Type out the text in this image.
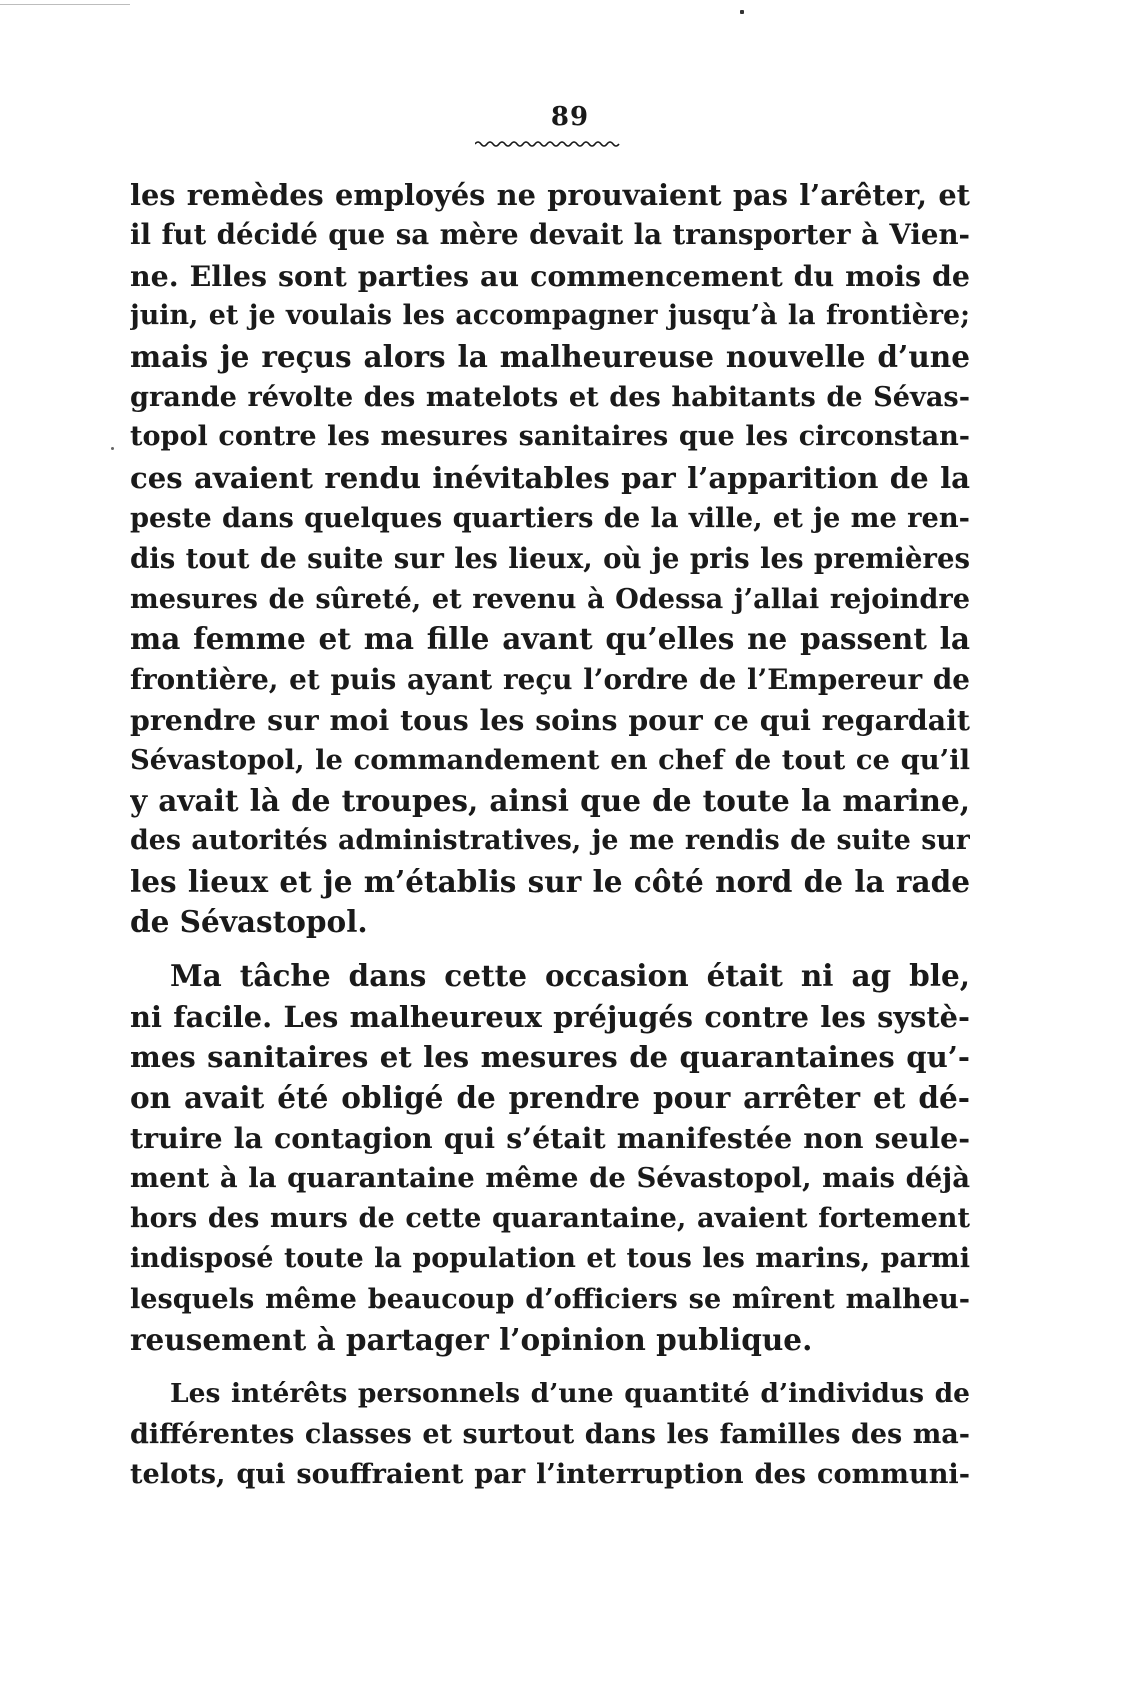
89
les remèdes employés ne prouvaient pas l’arêter, et
il fut décidé que sa mère devait la transporter à Vien-
ne. Elles sont parties au commencement du mois de
juin, et je voulais les accompagner jusqu’à la frontière;
mais je reçus alors la malheureuse nouvelle d’une
grande révolte des matelots et des habitants de Sévas-
topol contre les mesures sanitaires que les circonstan-
ces avaient rendu inévitables par l’apparition de la
peste dans quelques quartiers de la ville, et je me ren-
dis tout de suite sur les lieux, où je pris les premières
mesures de sûreté, et revenu à Odessa j’allai rejoindre
ma femme et ma fille avant qu’elles ne passent la
frontière, et puis ayant reçu l’ordre de l’Empereur de
prendre sur moi tous les soins pour ce qui regardait
Sévastopol, le commandement en chef de tout ce qu’il
y avait là de troupes, ainsi que de toute la marine,
des autorités administratives, je me rendis de suite sur
les lieux et je m’établis sur le côté nord de la rade
de Sévastopol.
Ma tâche dans cette occasion était ni ag ble,
ni facile. Les malheureux préjugés contre les systè-
mes sanitaires et les mesures de quarantaines qu’-
on avait été obligé de prendre pour arrêter et dé-
truire la contagion qui s’était manifestée non seule-
ment à la quarantaine même de Sévastopol, mais déjà
hors des murs de cette quarantaine, avaient fortement
indisposé toute la population et tous les marins, parmi
lesquels même beaucoup d’officiers se mîrent malheu-
reusement à partager l’opinion publique.
Les intérêts personnels d’une quantité d’individus de
différentes classes et surtout dans les familles des ma-
telots, qui souffraient par l’interruption des communi-
